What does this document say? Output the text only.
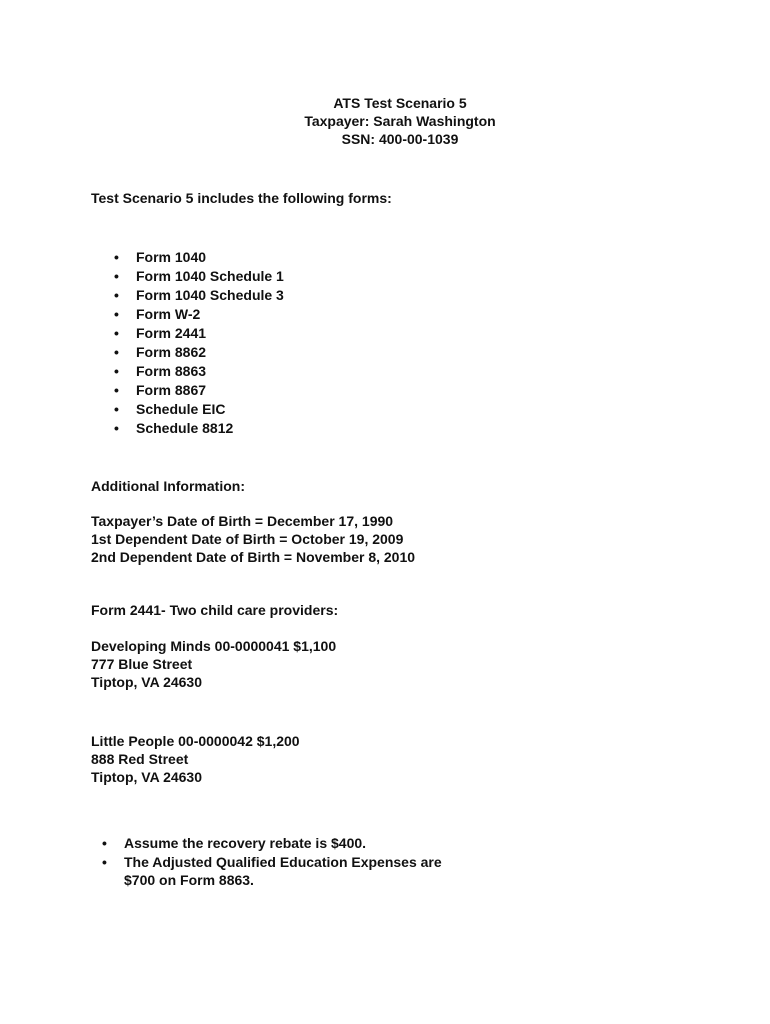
ATS Test Scenario 5
Taxpayer: Sarah Washington
SSN: 400-00-1039
Test Scenario 5 includes the following forms:
• Form 1040
• Form 1040 Schedule 1
• Form 1040 Schedule 3
• Form W-2
• Form 2441
• Form 8862
• Form 8863
• Form 8867
• Schedule EIC
• Schedule 8812
Additional Information:
Taxpayer’s Date of Birth = December 17, 1990
1st Dependent Date of Birth = October 19, 2009
2nd Dependent Date of Birth = November 8, 2010
Form 2441- Two child care providers:
Developing Minds 00-0000041 $1,100
777 Blue Street
Tiptop, VA 24630
Little People 00-0000042 $1,200
888 Red Street
Tiptop, VA 24630
• Assume the recovery rebate is $400.
• The Adjusted Qualified Education Expenses are $700 on Form 8863.
